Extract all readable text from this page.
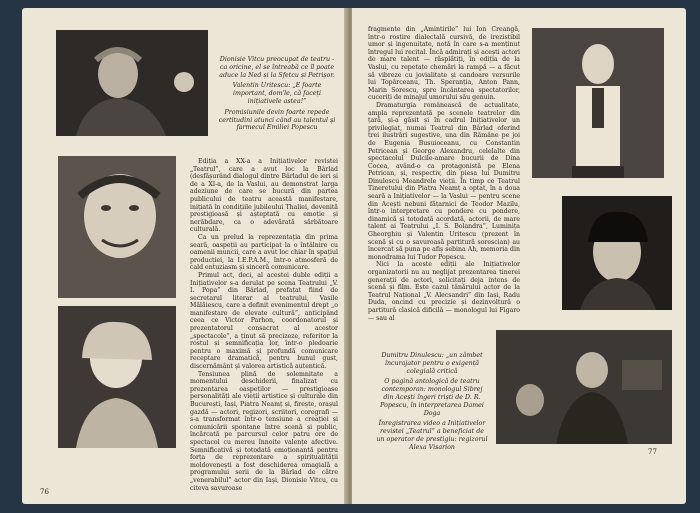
Dionisie Vitcu preocupat de teatru - ca oricine, el se întreabă ce îl poate aduce la Ned și la Sfetcu și Petrișor.

Valentin Uritescu: „E foarte important, dom'le, că faceți inițiativele astea!”

Promisiunile devin foarte repede certitudini atunci când au talentul și farmecul Emiliei Popescu

Ediția a XX-a a Inițiativelor revistei „Teatrul”, care a avut loc la Bârlad (desfășurând dialogul dintre Bârladul de ieri și de a XI-a, de la Vaslui, au demonstrat larga adeziune de care se bucură din partea publicului de teatru această manifestare, inițiată în condițiile jubileului Thaliei, devenită prestigioasă și așteptată cu emoție și nerăbdare, ca o adevărată sărbătoare culturală.

Ca un prelud la reprezentația din prima seară, oaspeții au participat la o întâlnire cu oamenii muncii, care a avut loc chiar în spațiul producției, la I.E.P.A.M., într-o atmosferă de cald entuziasm și sinceră comunicare.

Primul act, deci, al acestei duble ediții a Inițiativelor s-a derulat pe scena Teatrului „V. I. Popa” din Bârlad, prefațat fiind de secretarul literar al teatrului, Vasile Mălăiescu, care a definit evenimentul drept „o manifestare de elevate cultură”, anticipând ceea ce Victor Parhon, coordonatorul și prezentatorul consacrat al acestor „spectacole”, a ținut să precizeze, referitor la rostul și semnificația lor, într-o pledoarie pentru o maximă și profundă comunicare receptare dramatică, pentru bunul gust, discernământ și valorea artistică autentică.

Tensiunea plină de solemnitate a momentului deschiderii, finalizat cu prezentarea oaspeților — prestigioase personalități ale vieții artistice și culturale din București, Iași, Piatra Neamț și, firește, orașul gazdă — actori, regizori, scriitori, coregrafi — s-a transformat într-o tensiune a creației și comunicării spontane între scenă și public, încărcată pe parcursul celor patru ore de spectacol cu mereu înnoite valențe afective. Semnificativă și totodată emoționantă pentru forța de reprezentare a spiritualității moldovenești a fost deschiderea omagială a programului serii de la Bârlad de către „venerabilul” actor din Iași, Dionisie Vitcu, cu citeva savuroase

76

fragmente din „Amintirile” lui Ion Creangă, într-o rostire dialectală cursivă, de irezistibil umor și ingenuitate, notă în care s-a menținut întregul lui recital. Încă admirați și acești actori de mare talent — răsplătiți, în ediția de la Vaslui, cu repetate chemări la rampă — a făcut să vibreze cu jovialitate și candoare versurile lui Topârceanu, Th. Speranția, Anton Pann, Marin Sorescu, spre încântarea spectatorilor, cuceriți de minajul umorului său genuin.

Dramaturgia românească de actualitate, ampla reprezentată pe scenele teatrelor din țară, și-a găsit și în cadrul Inițiativelor un privilegiat, numai Teatrul din Bârlad oferind trei ilustrări sugestive, una din Rămâne pe joi de Eugenia Busuioceanu, cu Constantin Petricean și George Alexandru, celelalte din spectacolul Dulcile-amare bucurii de Dina Cocea, având-o ca protagonistă pe Elena Petrican, și, respectiv, din piesa lui Dumitru Dinulescu Meandrele vieții. În timp ce Teatrul Tineretului din Piatra Neamț a optat, în a doua seară a Inițiativelor — la Vaslui — pentru scene din Acești nebuni fățarnici de Teodor Mazilu, într-o interpretare cu pondere cu pondere, dinamică și totodată acordată, actorii, de mare talent ai Teatrului „I. S. Bolandra”, Luminița Gheorghiu și Valentin Uritescu (prezent în scenă și cu o savuroasă partitură sorescian) au încercat să puna pe afiș sebina Ah, memoria din monodrama lui Tudor Popescu.

Nici la aceste ediții ale Inițiativelor organizatorii nu au neglijat prezentarea tinerei generații de actori, solicitați deja intens de scenă și film. Este cazul tânărului actor de la Teatrul Național „V. Alecsandri” din Iași, Radu Duda, oncind cu precizie și dezinvoltură o partitură clasică dificilă — monologul lui Figaro — sau al

Dumitru Dinulescu: „un zâmbet încurajator pentru o exigență colegială critică

O pagină antologică de teatru contemporan: monologul Sibrej din Acești îngeri triști de D. R. Popescu, în interpretarea Damei Doga

Înregistrarea video a Inițiativelor revistei „Teatrul” a beneficiat de un operator de prestigiu: regizorul Alexa Visarion

77
